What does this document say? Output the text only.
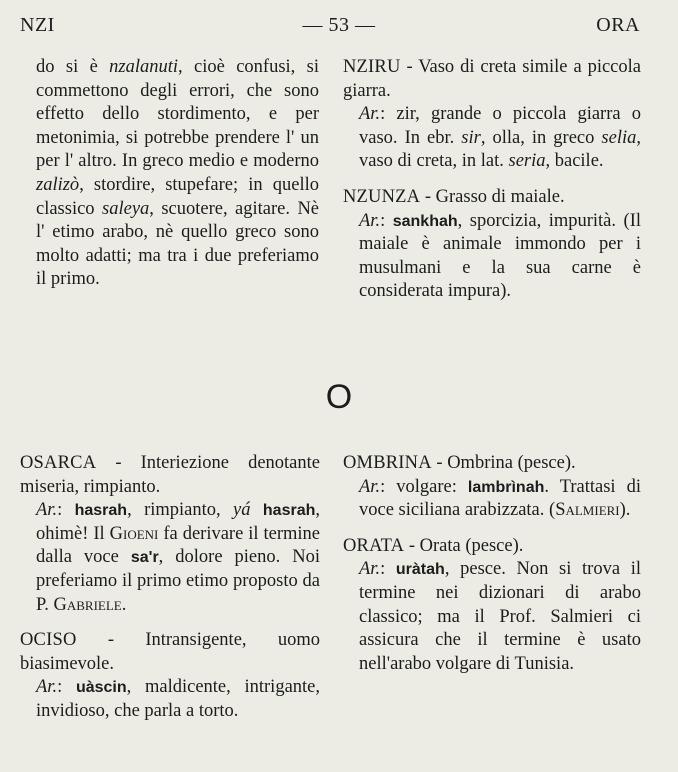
— 53 —
NZI	ORA

do si è nzalanuti, cioè confusi, si commettono degli errori, che sono effetto dello stordimento, e per metonimia, si potrebbe prendere l' un per l' altro. In greco medio e moderno zalizò, stordire, stupefare; in quello classico saleya, scuotere, agitare. Nè l' etimo arabo, nè quello greco sono molto adatti; ma tra i due preferiamo il primo.

NZIRU - Vaso di creta simile a piccola giarra.
Ar.: zir, grande o piccola giarra o vaso. In ebr. sir, olla, in greco selia, vaso di creta, in lat. seria, bacile.

NZUNZA - Grasso di maiale.
Ar.: sankhah, sporcizia, impurità. (Il maiale è animale immondo per i musulmani e la sua carne è considerata impura).

O

OSARCA - Interiezione denotante miseria, rimpianto.
Ar.: hasrah, rimpianto, yá hasrah, ohimè! Il Gioeni fa derivare il termine dalla voce sa'r, dolore pieno. Noi preferiamo il primo etimo proposto da P. Gabriele.

OCISO - Intransigente, uomo biasimevole.
Ar.: uàscin, maldicente, intrigante, invidioso, che parla a torto.

OMBRINA - Ombrina (pesce).
Ar.: volgare: lambrìnah. Trattasi di voce siciliana arabizzata. (Salmieri).

ORATA - Orata (pesce).
Ar.: uràtah, pesce. Non si trova il termine nei dizionari di arabo classico; ma il Prof. Salmieri ci assicura che il termine è usato nell'arabo volgare di Tunisia.
